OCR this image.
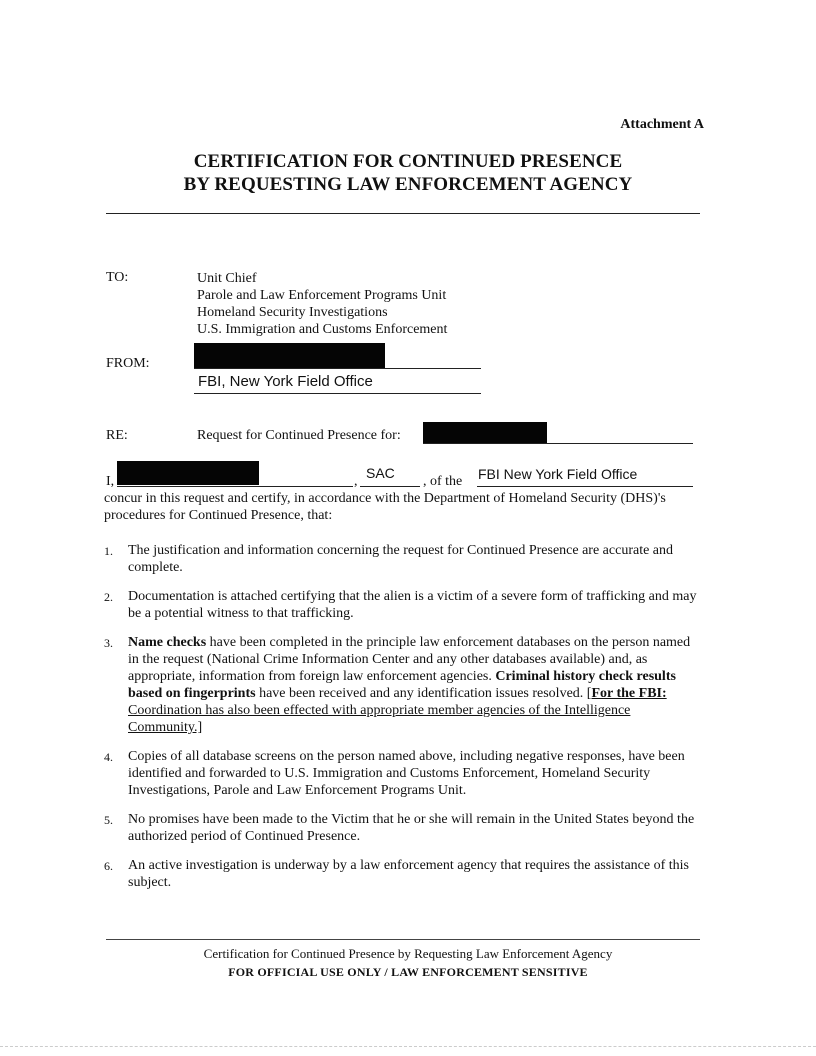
Attachment A
CERTIFICATION FOR CONTINUED PRESENCE
BY REQUESTING LAW ENFORCEMENT AGENCY
TO:	Unit Chief
Parole and Law Enforcement Programs Unit
Homeland Security Investigations
U.S. Immigration and Customs Enforcement
FROM:
FBI, New York Field Office
RE:	Request for Continued Presence for:
I,	,
SAC
, of the FBI New York Field Office
concur in this request and certify, in accordance with the Department of Homeland Security (DHS)'s procedures for Continued Presence, that:
1. The justification and information concerning the request for Continued Presence are accurate and complete.
2. Documentation is attached certifying that the alien is a victim of a severe form of trafficking and may be a potential witness to that trafficking.
3. Name checks have been completed in the principle law enforcement databases on the person named in the request (National Crime Information Center and any other databases available) and, as appropriate, information from foreign law enforcement agencies. Criminal history check results based on fingerprints have been received and any identification issues resolved. [For the FBI: Coordination has also been effected with appropriate member agencies of the Intelligence Community.]
4. Copies of all database screens on the person named above, including negative responses, have been identified and forwarded to U.S. Immigration and Customs Enforcement, Homeland Security Investigations, Parole and Law Enforcement Programs Unit.
5. No promises have been made to the Victim that he or she will remain in the United States beyond the authorized period of Continued Presence.
6. An active investigation is underway by a law enforcement agency that requires the assistance of this subject.
Certification for Continued Presence by Requesting Law Enforcement Agency
FOR OFFICIAL USE ONLY / LAW ENFORCEMENT SENSITIVE
